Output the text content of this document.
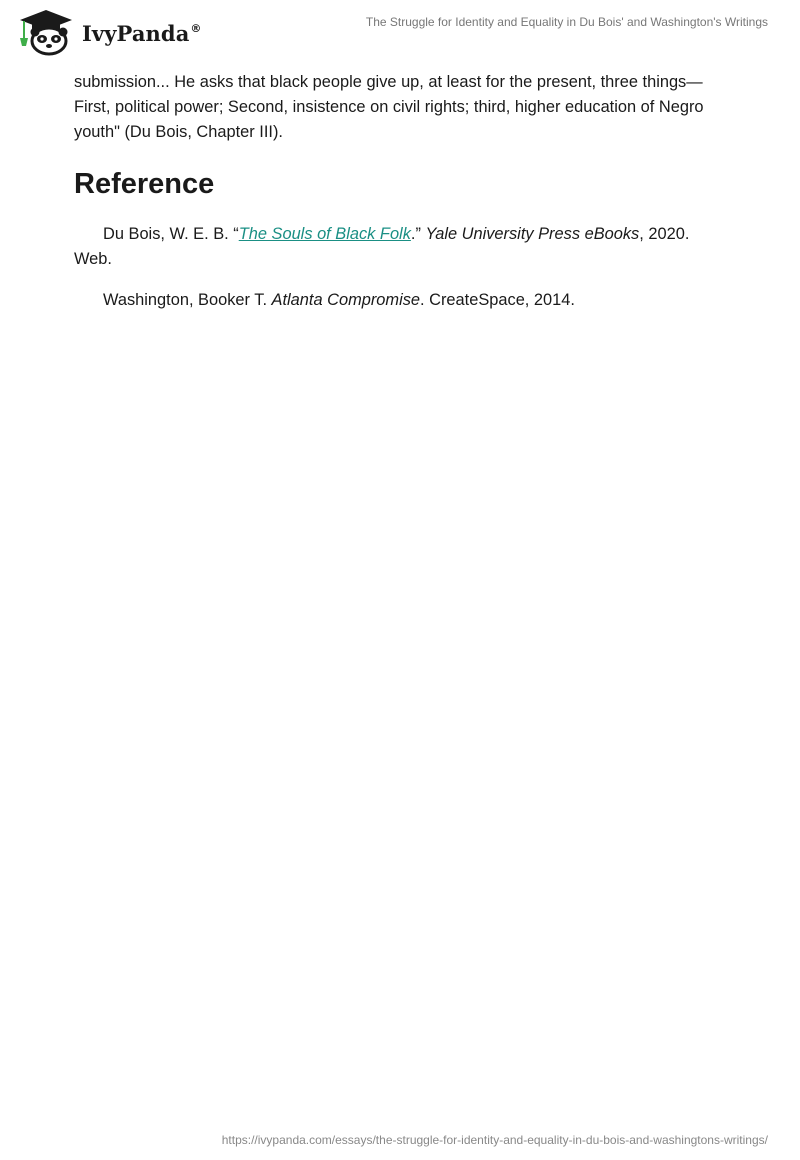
IvyPanda®	The Struggle for Identity and Equality in Du Bois' and Washington's Writings

submission... He asks that black people give up, at least for the present, three things—
First, political power; Second, insistence on civil rights; third, higher education of Negro
youth" (Du Bois, Chapter III).

Reference

Du Bois, W. E. B. “The Souls of Black Folk.” Yale University Press eBooks, 2020. Web.

Washington, Booker T. Atlanta Compromise. CreateSpace, 2014.

https://ivypanda.com/essays/the-struggle-for-identity-and-equality-in-du-bois-and-washingtons-writings/
